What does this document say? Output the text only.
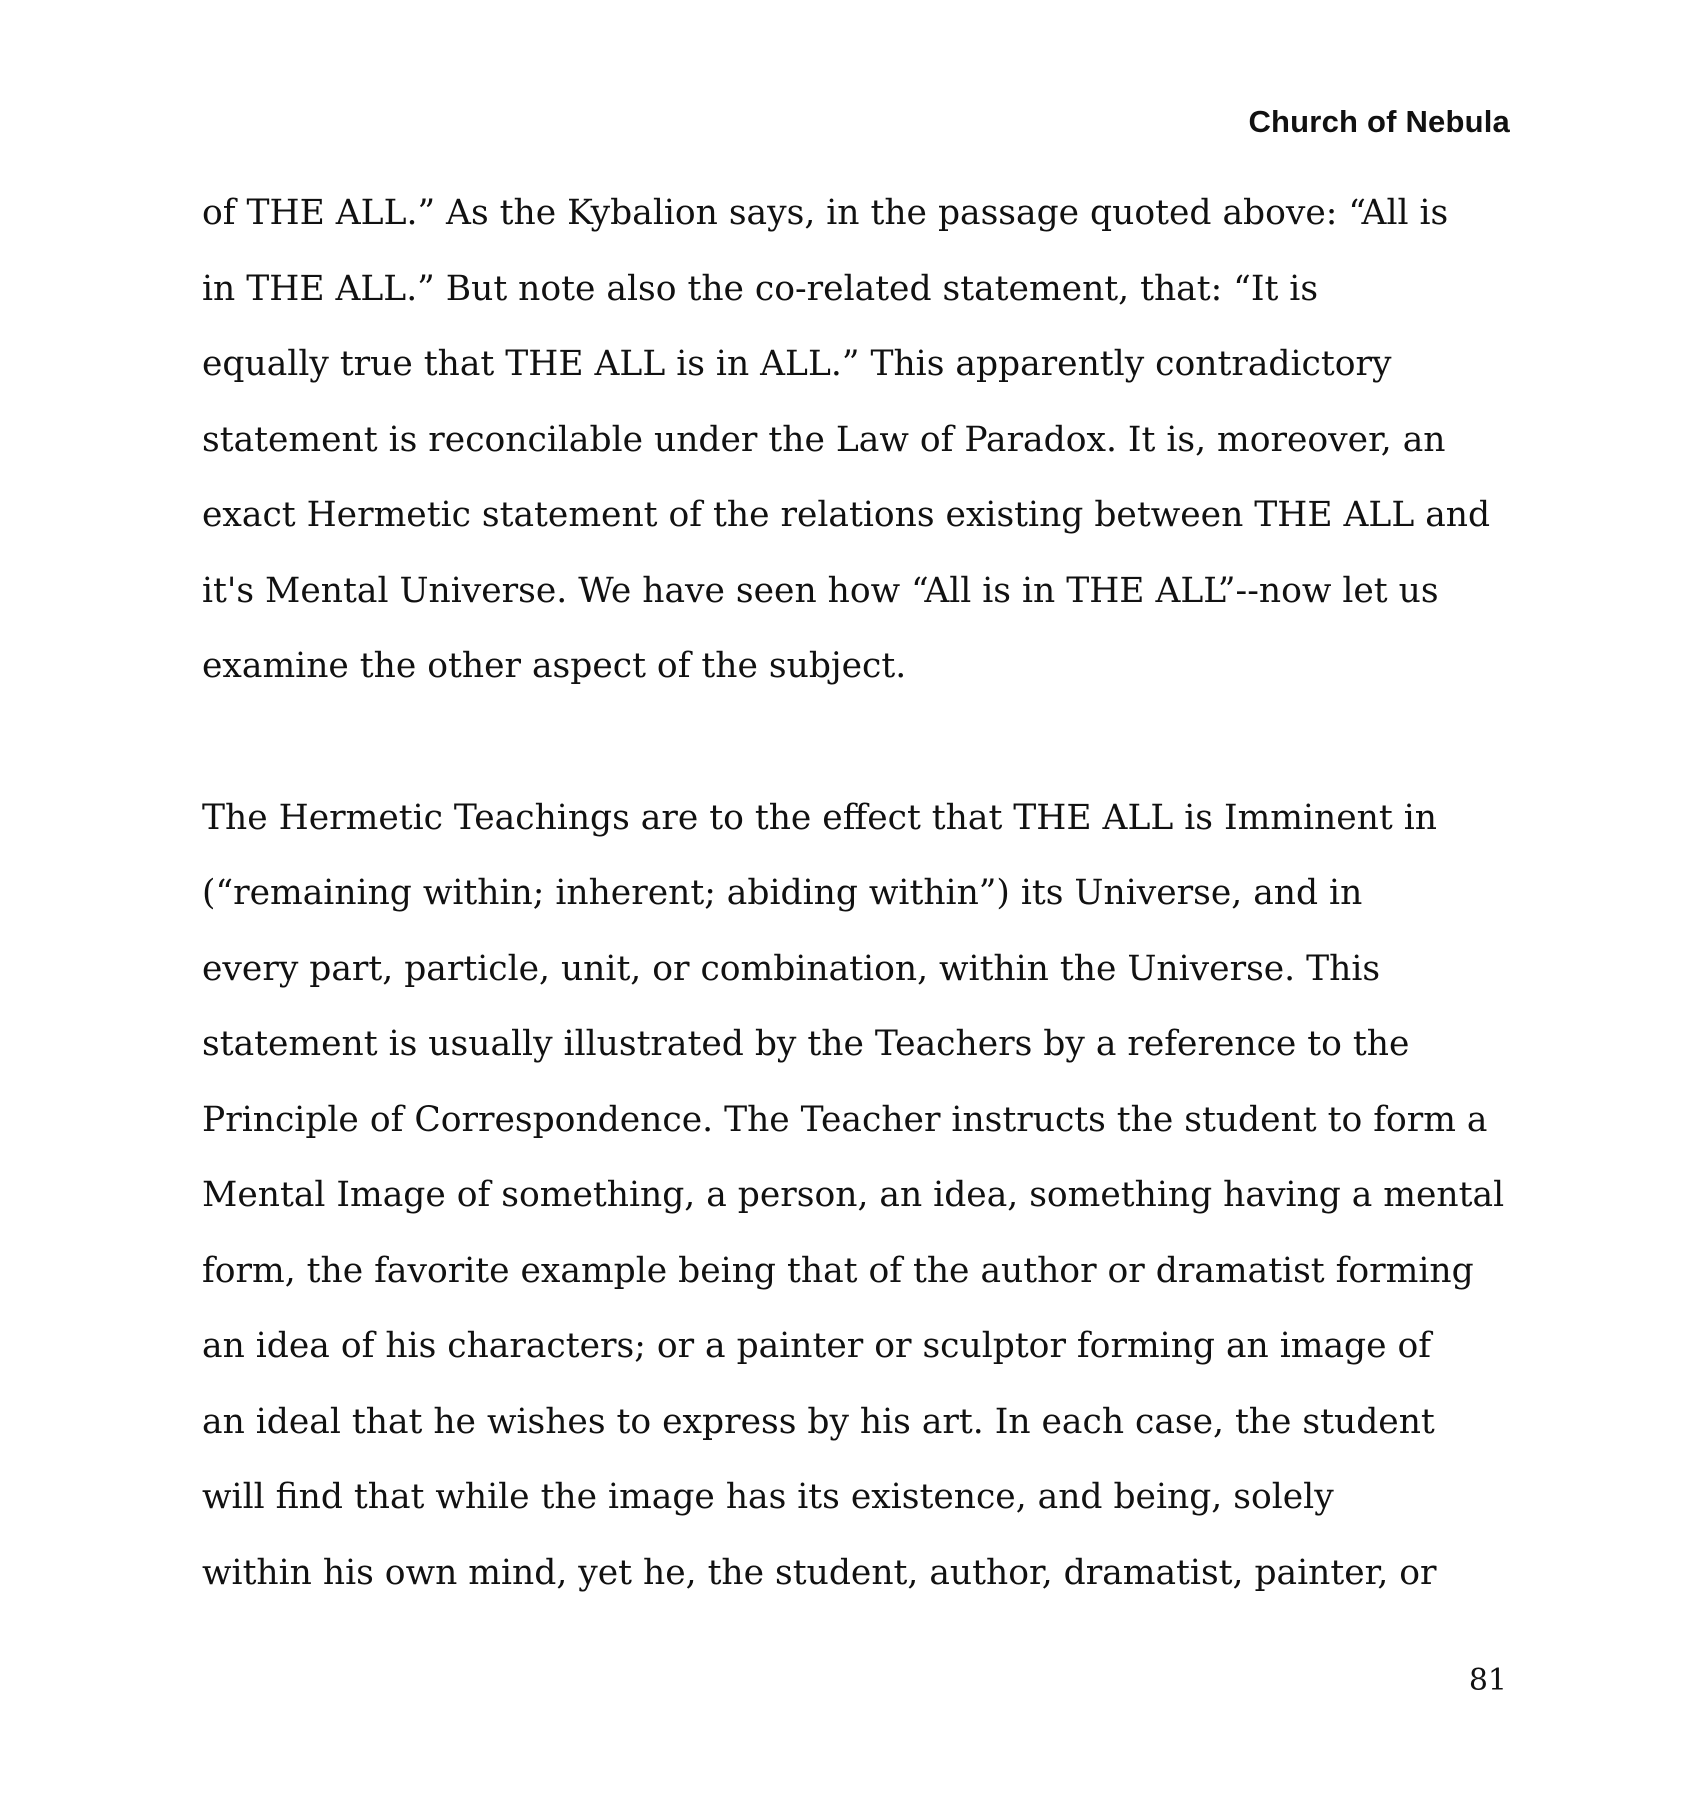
Church of Nebula

of THE ALL.” As the Kybalion says, in the passage quoted above: “All is
in THE ALL.” But note also the co-related statement, that: “It is
equally true that THE ALL is in ALL.” This apparently contradictory
statement is reconcilable under the Law of Paradox. It is, moreover, an
exact Hermetic statement of the relations existing between THE ALL and
it's Mental Universe. We have seen how “All is in THE ALL”--now let us
examine the other aspect of the subject.

The Hermetic Teachings are to the effect that THE ALL is Imminent in
(“remaining within; inherent; abiding within”) its Universe, and in
every part, particle, unit, or combination, within the Universe. This
statement is usually illustrated by the Teachers by a reference to the
Principle of Correspondence. The Teacher instructs the student to form a
Mental Image of something, a person, an idea, something having a mental
form, the favorite example being that of the author or dramatist forming
an idea of his characters; or a painter or sculptor forming an image of
an ideal that he wishes to express by his art. In each case, the student
will find that while the image has its existence, and being, solely
within his own mind, yet he, the student, author, dramatist, painter, or

81
